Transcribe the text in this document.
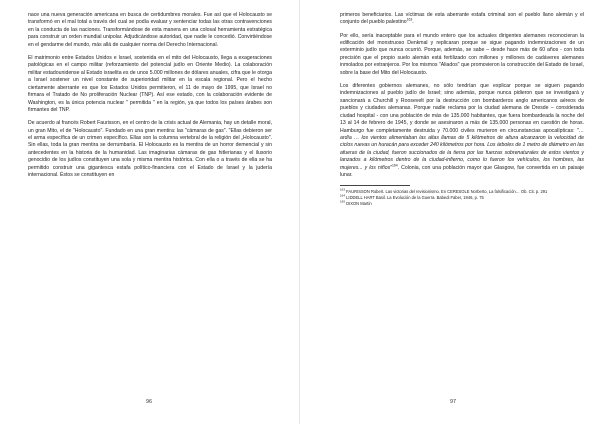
nace una nueva generación americana en busca de certidumbres morales. Fue así que el Holocausto se transformó en el mal total a través del cual se podía evaluar y sentenciar todas las otras contravenciones en la conducta de las naciones. Transformándose de esta manera en una colosal herramienta estratégica para construir un orden mundial unipolar. Adjudicándose autoridad, que nadie le concedió. Convirtiéndose en el gendarme del mundo, más allá de cualquier norma del Derecho Internacional.

El matrimonio entre Estados Unidos e Israel, sostenida en el mito del Holocausto, llega a exageraciones patológicas en el campo militar (reforzamiento del potencial judío en Oriente Medio). La colaboración militar estadounidense al Estado israelita es de unos 5.000 millones de dólares anuales, cifra que le otorga a Israel sostener un nivel constante de superioridad militar en la escala regional. Pero el hecho ciertamente aberrante es que los Estados Unidos permitieron, el 11 de mayo de 1995, que Israel no firmara el Tratado de No proliferación Nuclear (TNP). Así ese estado, con la colaboración evidente de Washington, es la única potencia nuclear " permitida " en la región, ya que todos los países árabes son firmantes del TNP.

De acuerdo al francés Robert Faurisson, en el centro de la crisis actual de Alemania, hay un detalle moral, un gran Mito, el de "Holocausto". Fundado en una gran mentira: las "cámaras de gas". "Ellas debieron ser el arma específica de un crimen específico. Ellas son la columna vertebral de la religión del „Holocausto". Sin ellas, toda la gran mentira se derrumbaría. El Holocausto es la mentira de un horror demencial y sin antecedentes en la historia de la humanidad. Las imaginarias cámaras de gas hitlerianas y el ilusorio genocidio de los judíos constituyen una sola y misma mentira histórica. Con ella o a través de ella se ha permitido construir una gigantesca estafa político-financiera con el Estado de Israel y la judería internacional. Éstos se constituyen en

96

primeros beneficiarios. Las víctimas de esta aberrante estafa criminal son el pueblo llano alemán y el conjunto del pueblo palestino$^{163}$.

Por ello, sería inaceptable para el mundo entero que los actuales dirigentes alemanes reconocieran la edificación del monstruoso Denkmal y replicaran porque se sigue pagando indemnizaciones de un exterminio judío que nunca ocurrió. Porque, además, se sabe – desde hace más de 60 años - con toda precisión que el propio suelo alemán está fertilizado con millones y millones de cadáveres alemanes inmolados por extranjeros. Por los mismos "Aliados" que promovieron la construcción del Estado de Israel, sobre la base del Mito del Holocausto.

Los diferentes gobiernos alemanes, no sólo tendrían que explicar porque se siguen pagando indemnizaciones al pueblo judío de Israel; sino además, porque nunca pidieron que se investigará y sancionará a Churchill y Roosevelt por la destrucción con bombarderos anglo americanos aéreos de pueblos y ciudades alemanas. Porque nadie reclama por la ciudad alemana de Dresde – considerada ciudad hospital - con una población de más de 135.000 habitantes, que fuera bombardeada la noche del 13 al 14 de febrero de 1945, y donde se asesinaron a más de 135.000 personas en cuestión de horas. Hamburgo fue completamente destruida y 70.000 civiles murieron en circunstancias apocalípticas: "…ardía … los vientos alimentaban las altas llamas de 5 kilómetros de altura alcanzaron la velocidad de ciclos ruevas un huracán para exceder 240 kilómetros por hora. Los árboles de 1 metro de diámetro en las afueras de la ciudad, fueron succionados de la tierra por las fuerzas sobrenaturales de estos vientos y lanzados a kilómetros dentro de la ciudad-infierno, como lo fueron los vehículos, los hombres, las mujeres... y los niños"$^{164}$. Colonia, con una población mayor que Glasgow, fue convertida en un paisaje lunar.

$^{163}$ FAURISSON Robert. Las victorias del revisionismo. En CERESOLE Norberto, La falsificación… Ob. Cit. p. 291

$^{164}$ LIDDELL HART Basil. La Evolución de la Guerra. Babedi Faber, 1946, p. 75

$^{165}$ DIXON Martin

97
